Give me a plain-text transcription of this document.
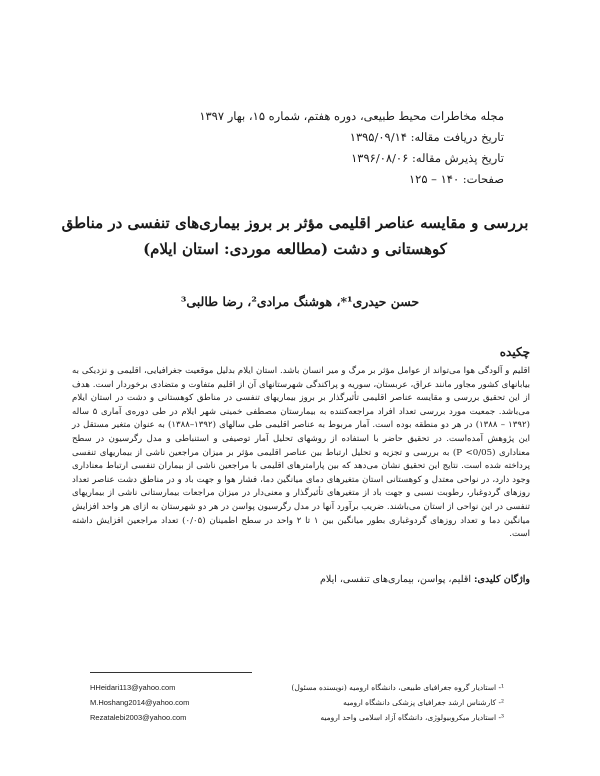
مجله مخاطرات محیط طبیعی، دوره هفتم، شماره ۱۵، بهار ۱۳۹۷
تاریخ دریافت مقاله: ۱۳۹۵/۰۹/۱۴
تاریخ پذیرش مقاله: ۱۳۹۶/۰۸/۰۶
صفحات: ۱۴۰ – ۱۲۵
بررسی و مقایسه عناصر اقلیمی مؤثر بر بروز بیماری‌های تنفسی در مناطق
کوهستانی و دشت (مطالعه موردی: استان ایلام)
حسن حیدری¹*، هوشنگ مرادی²، رضا طالبی³
چکیده
اقلیم و آلودگی هوا می‌تواند از عوامل مؤثر بر مرگ و میر انسان باشد. استان ایلام بدلیل موقعیت جغرافیایی، اقلیمی و نزدیکی به بیابانهای کشور مجاور مانند عراق، عربستان، سوریه و پراکندگی شهرستانهای آن از اقلیم متفاوت و متضادی برخوردار است. هدف از این تحقیق بررسی و مقایسه عناصر اقلیمی تأثیرگذار بر بروز بیماریهای تنفسی در مناطق کوهستانی و دشت در استان ایلام می‌باشد. جمعیت مورد بررسی تعداد افراد مراجعه‌کننده به بیمارستان مصطفی خمینی شهر ایلام در طی دوره‌ی آماری ۵ ساله (۱۳۹۲ – ۱۳۸۸) در هر دو منطقه بوده است. آمار مربوط به عناصر اقلیمی طی سالهای (۱۳۹۲–۱۳۸۸) به عنوان متغیر مستقل در این پژوهش آمده‌است. در تحقیق حاضر با استفاده از روشهای تحلیل آمار توصیفی و استنباطی و مدل رگرسیون در سطح معناداری (P <0/05) به بررسی و تجزیه و تحلیل ارتباط بین عناصر اقلیمی مؤثر بر میزان مراجعین ناشی از بیماریهای تنفسی پرداخته شده است. نتایج این تحقیق نشان می‌دهد که بین پارامترهای اقلیمی با مراجعین ناشی از بیماران تنفسی ارتباط معناداری وجود دارد، در نواحی معتدل و کوهستانی استان متغیرهای دمای میانگین دما، فشار هوا و جهت باد و در مناطق دشت عناصر تعداد روزهای گردوغبار، رطوبت نسبی و جهت باد از متغیرهای تأثیرگذار و معنی‌دار در میزان مراجعات بیمارستانی ناشی از بیماریهای تنفسی در این نواحی از استان می‌باشند. ضریب برآورد آنها در مدل رگرسیون پواسن در هر دو شهرستان به ازای هر واحد افزایش میانگین دما و تعداد روزهای گردوغباری بطور میانگین بین ۱ تا ۲ واحد در سطح اطمینان (۰/۰۵) تعداد مراجعین افزایش داشته است.
واژگان کلیدی: اقلیم، پواسن، بیماری‌های تنفسی، ایلام
HHeidari113@yahoo.com
M.Hoshang2014@yahoo.com
Rezatalebi2003@yahoo.com
¹- استادیار گروه جغرافیای طبیعی، دانشگاه ارومیه (نویسنده مسئول)
²- کارشناس ارشد جغرافیای پزشکی دانشگاه ارومیه
³- استادیار میکروبیولوژی، دانشگاه آزاد اسلامی واحد ارومیه
